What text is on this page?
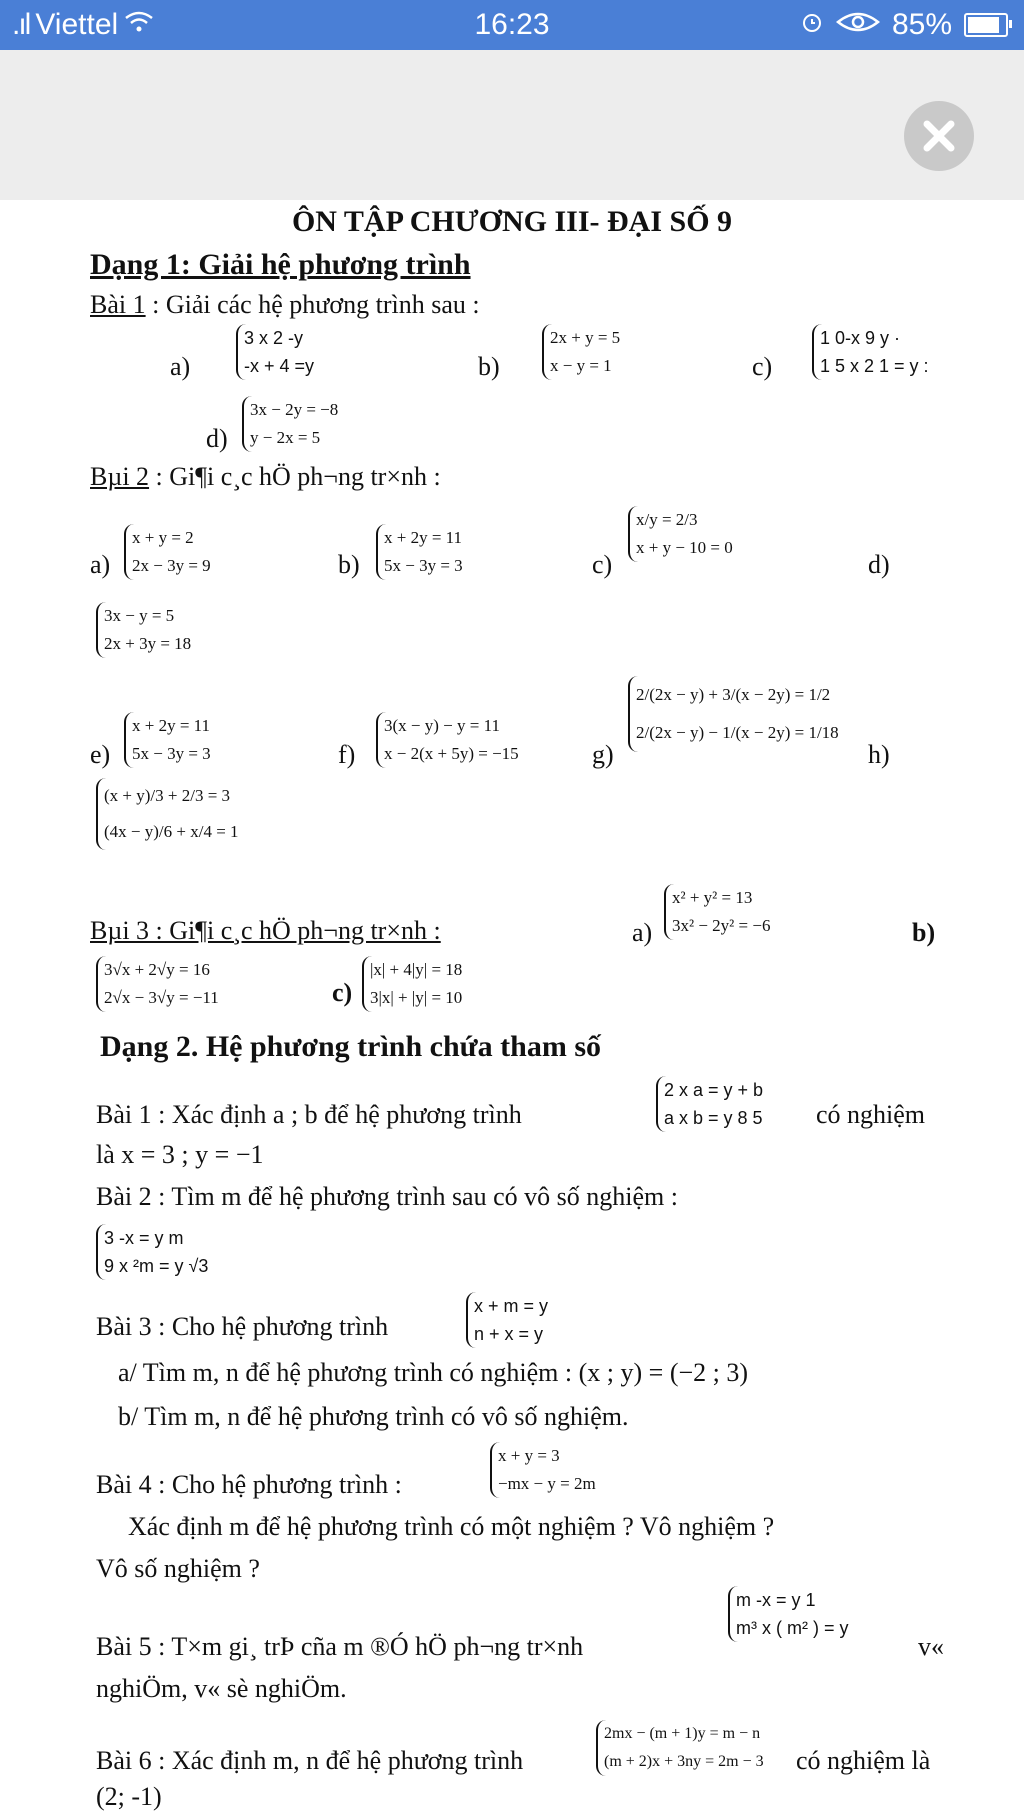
.ıl Viettel	16:23	85%
ÔN TẬP CHƯƠNG III- ĐẠI SỐ 9
Dạng 1: Giải hệ phương trình
Bài 1 : Giải các hệ phương trình sau :
a)
3 x 2 -y
-x + 4 =y	b)
2x + y = 5
x − y = 1	c)
1 0-x 9 y ·
1 5 x 2 1 = y :
d)
3x − 2y = −8
y − 2x = 5
Bµi 2 : Gi¶i c¸c hÖ ph¬ng tr×nh :
a)
x + y = 2
2x − 3y = 9	b)
x + 2y = 11
5x − 3y = 3	c)
x/y = 2/3
x + y − 10 = 0
d)
3x − y = 5
2x + 3y = 18
e)
x + 2y = 11
5x − 3y = 3	f)
3(x − y) − y = 11
x − 2(x + 5y) = −15	g)
2/(2x − y) + 3/(x − 2y) = 1/2
2/(2x − y) − 1/(x − 2y) = 1/18
h)
(x + y)/3 + 2/3 = 3
(4x − y)/6 + x/4 = 1
Bµi 3 : Gi¶i c¸c hÖ ph¬ng tr×nh :	a)
x² + y² = 13
3x² − 2y² = −6	b)
3√x + 2√y = 16
2√x − 3√y = −11	c)
|x| + 4|y| = 18
3|x| + |y| = 10
Dạng 2. Hệ phương trình chứa tham số
Bài 1 : Xác định a ; b để hệ phương trình
2 x a = y + b
a x b = y 8 5 có nghiệm
là x = 3 ; y = −1
Bài 2 : Tìm m để hệ phương trình sau có vô số nghiệm :
3 -x = y m
9 x ²m = y √3
Bài 3 : Cho hệ phương trình
x + m = y
n + x = y
a/ Tìm m, n để hệ phương trình có nghiệm : (x ; y) = (−2 ; 3)
b/ Tìm m, n để hệ phương trình có vô số nghiệm.
Bài 4 : Cho hệ phương trình :
x + y = 3
−mx − y = 2m
Xác định m để hệ phương trình có một nghiệm ? Vô nghiệm ?
Vô số nghiệm ?
Bài 5 : T×m gi¸ trÞ cña m ®Ó hÖ ph¬ng tr×nh
m -x = y 1
m³ x ( m² ) = y
v«
nghiÖm, v« sè nghiÖm.
Bài 6 : Xác định m, n để hệ phương trình
2mx − (m + 1)y = m − n
(m + 2)x + 3ny = 2m − 3 có nghiệm là
(2; -1)
5
